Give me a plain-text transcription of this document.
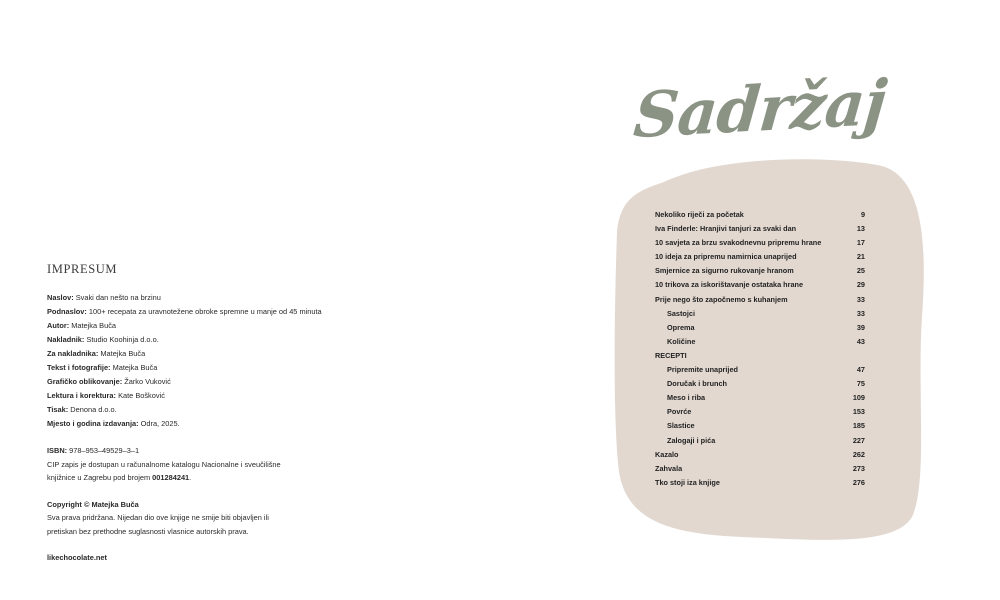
IMPRESUM
Naslov: Svaki dan nešto na brzinu
Podnaslov: 100+ recepata za uravnotežene obroke spremne u manje od 45 minuta
Autor: Matejka Buča
Nakladnik: Studio Koohinja d.o.o.
Za nakladnika: Matejka Buča
Tekst i fotografije: Matejka Buča
Grafičko oblikovanje: Žarko Vuković
Lektura i korektura: Kate Bošković
Tisak: Denona d.o.o.
Mjesto i godina izdavanja: Odra, 2025.
ISBN: 978–953–49529–3–1
CIP zapis je dostupan u računalnome katalogu Nacionalne i sveučilišne
knjižnice u Zagrebu pod brojem 001284241.
Copyright © Matejka Buča
Sva prava pridržana. Nijedan dio ove knjige ne smije biti objavljen ili
pretiskan bez prethodne suglasnosti vlasnice autorskih prava.
likechocolate.net
Sadržaj
Nekoliko riječi za početak	9
Iva Finderle: Hranjivi tanjuri za svaki dan	13
10 savjeta za brzu svakodnevnu pripremu hrane	17
10 ideja za pripremu namirnica unaprijed	21
Smjernice za sigurno rukovanje hranom	25
10 trikova za iskorištavanje ostataka hrane	29
Prije nego što započnemo s kuhanjem	33
Sastojci	33
Oprema	39
Količine	43
RECEPTI
Pripremite unaprijed	47
Doručak i brunch	75
Meso i riba	109
Povrće	153
Slastice	185
Zalogaji i pića	227
Kazalo	262
Zahvala	273
Tko stoji iza knjige	276
